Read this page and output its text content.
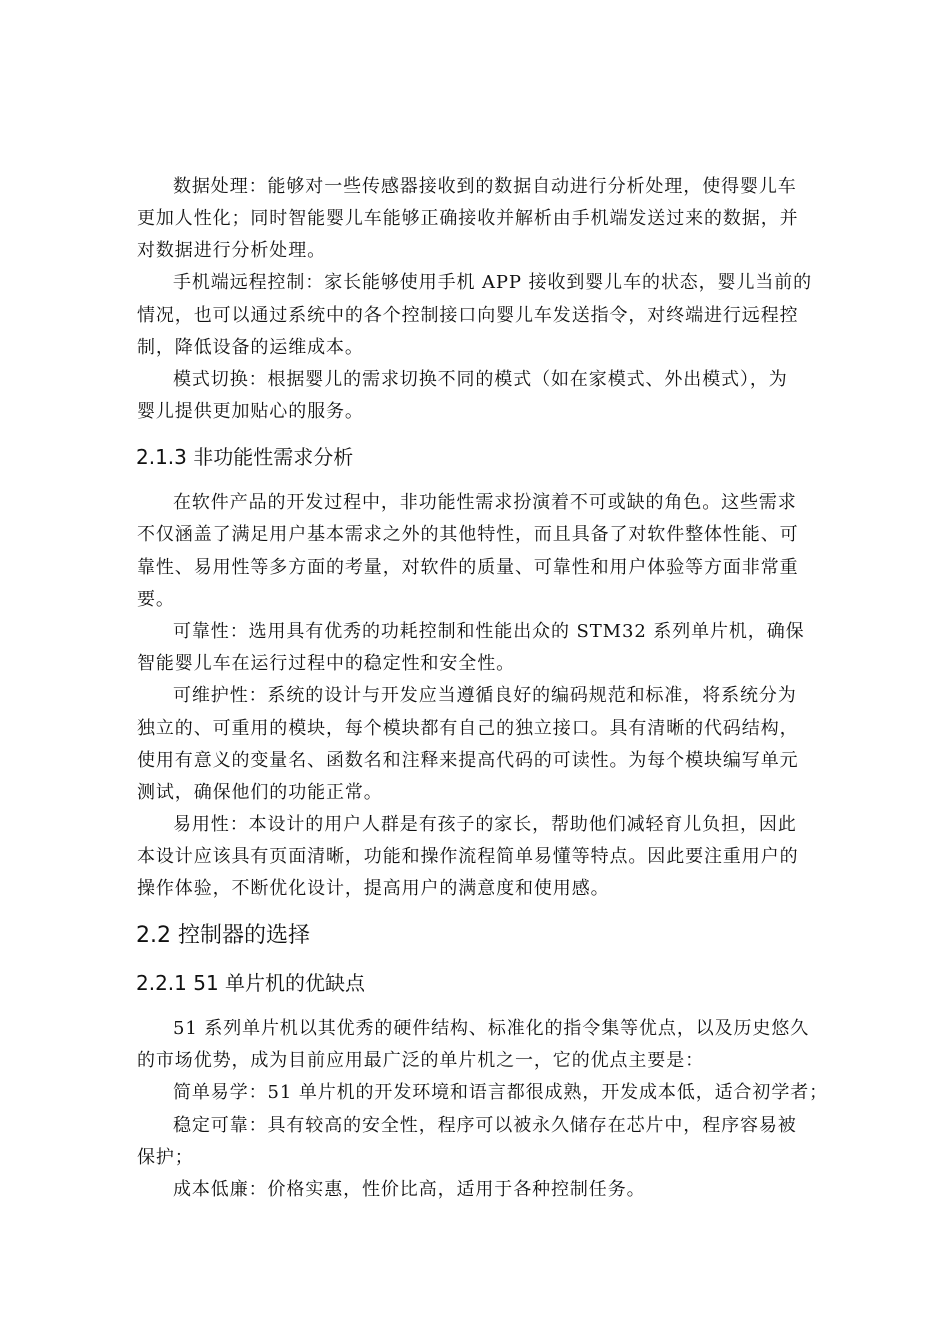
数据处理：能够对一些传感器接收到的数据自动进行分析处理，使得婴儿车
更加人性化；同时智能婴儿车能够正确接收并解析由手机端发送过来的数据，并
对数据进行分析处理。
手机端远程控制：家长能够使用手机 APP 接收到婴儿车的状态，婴儿当前的
情况，也可以通过系统中的各个控制接口向婴儿车发送指令，对终端进行远程控
制，降低设备的运维成本。
模式切换：根据婴儿的需求切换不同的模式（如在家模式、外出模式），为
婴儿提供更加贴心的服务。
2.1.3 非功能性需求分析
在软件产品的开发过程中，非功能性需求扮演着不可或缺的角色。这些需求
不仅涵盖了满足用户基本需求之外的其他特性，而且具备了对软件整体性能、可
靠性、易用性等多方面的考量，对软件的质量、可靠性和用户体验等方面非常重
要。
可靠性：选用具有优秀的功耗控制和性能出众的 STM32 系列单片机，确保
智能婴儿车在运行过程中的稳定性和安全性。
可维护性：系统的设计与开发应当遵循良好的编码规范和标准，将系统分为
独立的、可重用的模块，每个模块都有自己的独立接口。具有清晰的代码结构，
使用有意义的变量名、函数名和注释来提高代码的可读性。为每个模块编写单元
测试，确保他们的功能正常。
易用性：本设计的用户人群是有孩子的家长，帮助他们减轻育儿负担，因此
本设计应该具有页面清晰，功能和操作流程简单易懂等特点。因此要注重用户的
操作体验，不断优化设计，提高用户的满意度和使用感。
2.2 控制器的选择
2.2.1 51 单片机的优缺点
51 系列单片机以其优秀的硬件结构、标准化的指令集等优点，以及历史悠久
的市场优势，成为目前应用最广泛的单片机之一，它的优点主要是：
简单易学：51 单片机的开发环境和语言都很成熟，开发成本低，适合初学者；
稳定可靠：具有较高的安全性，程序可以被永久储存在芯片中，程序容易被
保护；
成本低廉：价格实惠，性价比高，适用于各种控制任务。
